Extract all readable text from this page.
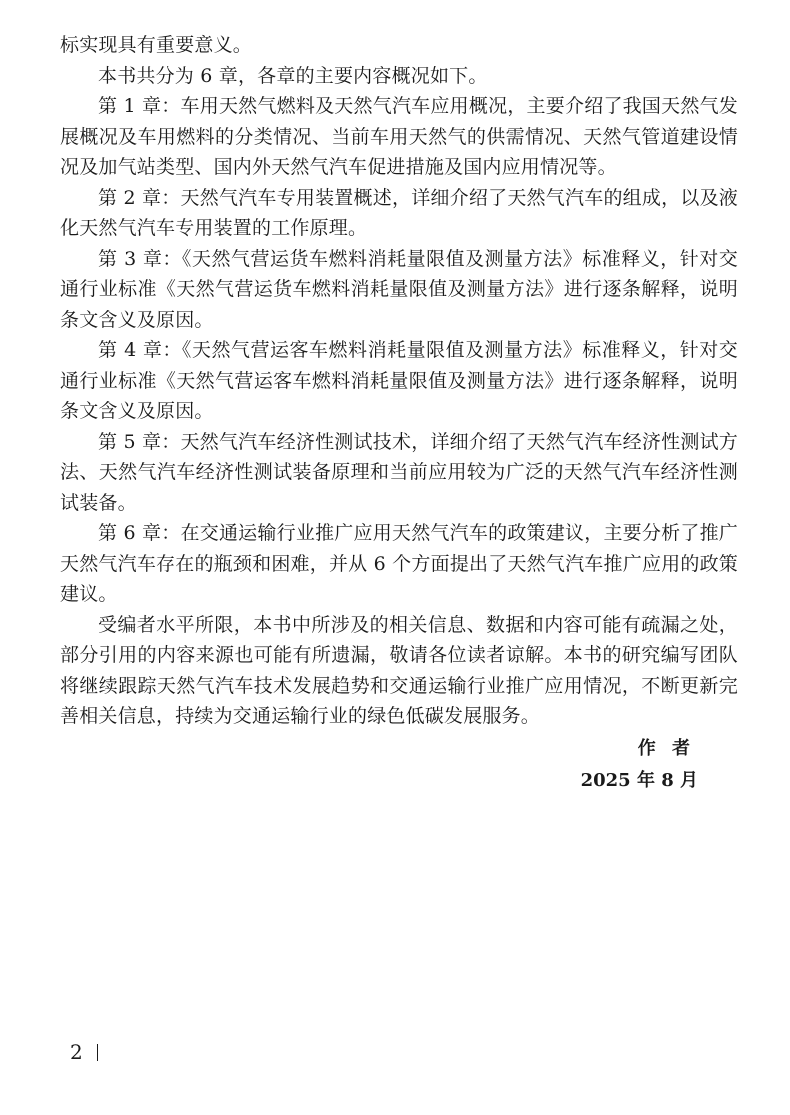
标实现具有重要意义。

本书共分为 6 章，各章的主要内容概况如下。

第 1 章：车用天然气燃料及天然气汽车应用概况，主要介绍了我国天然气发展概况及车用燃料的分类情况、当前车用天然气的供需情况、天然气管道建设情况及加气站类型、国内外天然气汽车促进措施及国内应用情况等。

第 2 章：天然气汽车专用装置概述，详细介绍了天然气汽车的组成，以及液化天然气汽车专用装置的工作原理。

第 3 章：《天然气营运货车燃料消耗量限值及测量方法》标准释义，针对交通行业标准《天然气营运货车燃料消耗量限值及测量方法》进行逐条解释，说明条文含义及原因。

第 4 章：《天然气营运客车燃料消耗量限值及测量方法》标准释义，针对交通行业标准《天然气营运客车燃料消耗量限值及测量方法》进行逐条解释，说明条文含义及原因。

第 5 章：天然气汽车经济性测试技术，详细介绍了天然气汽车经济性测试方法、天然气汽车经济性测试装备原理和当前应用较为广泛的天然气汽车经济性测试装备。

第 6 章：在交通运输行业推广应用天然气汽车的政策建议，主要分析了推广天然气汽车存在的瓶颈和困难，并从 6 个方面提出了天然气汽车推广应用的政策建议。

受编者水平所限，本书中所涉及的相关信息、数据和内容可能有疏漏之处，部分引用的内容来源也可能有所遗漏，敬请各位读者谅解。本书的研究编写团队将继续跟踪天然气汽车技术发展趋势和交通运输行业推广应用情况，不断更新完善相关信息，持续为交通运输行业的绿色低碳发展服务。

作者
2025 年 8 月
2
